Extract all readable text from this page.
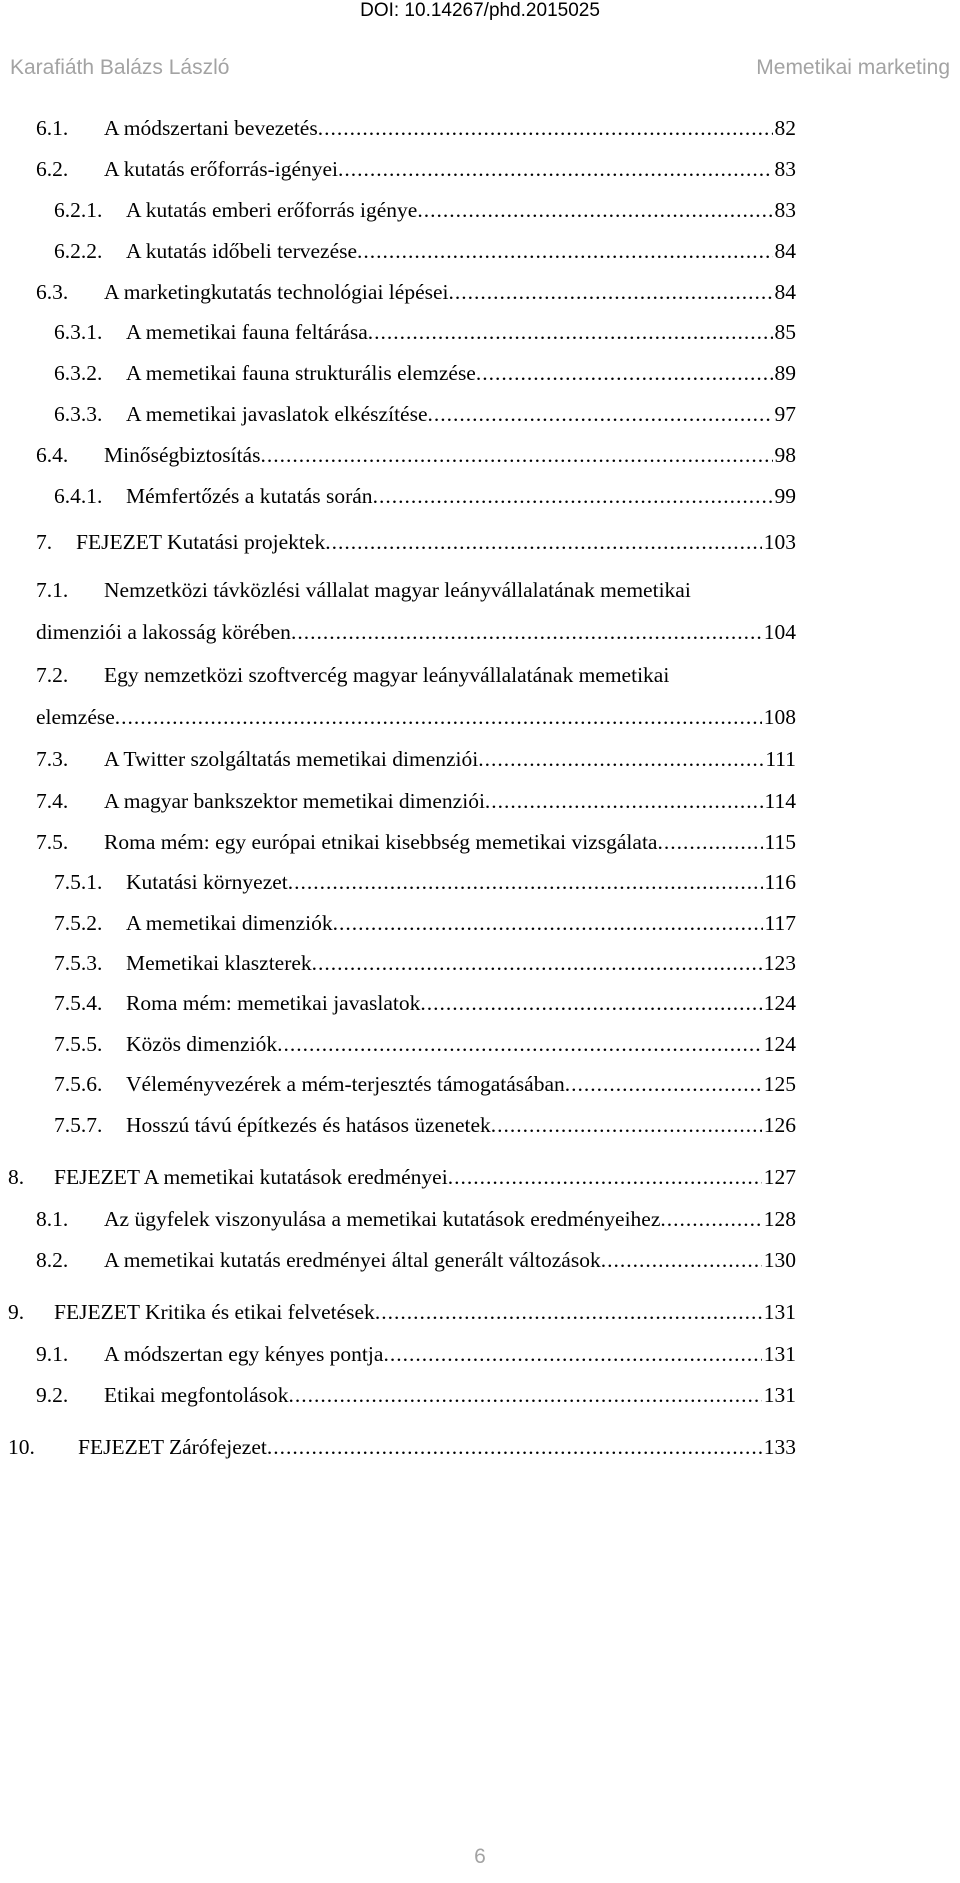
DOI: 10.14267/phd.2015025
Karafiáth Balázs László	Memetikai marketing
6.1. A módszertani bevezetés .....	82
6.2. A kutatás erőforrás-igényei .....	83
6.2.1. A kutatás emberi erőforrás igénye .....	83
6.2.2. A kutatás időbeli tervezése .....	84
6.3. A marketingkutatás technológiai lépései .....	84
6.3.1. A memetikai fauna feltárása .....	85
6.3.2. A memetikai fauna strukturális elemzése .....	89
6.3.3. A memetikai javaslatok elkészítése .....	97
6.4. Minőségbiztosítás .....	98
6.4.1. Mémfertőzés a kutatás során .....	99
7. FEJEZET Kutatási projektek .....	103
7.1. Nemzetközi távközlési vállalat magyar leányvállalatának memetikai
dimenziói a lakosság körében .....	104
7.2. Egy nemzetközi szoftvercég magyar leányvállalatának memetikai
elemzése .....	108
7.3. A Twitter szolgáltatás memetikai dimenziói .....	111
7.4. A magyar bankszektor memetikai dimenziói .....	114
7.5. Roma mém: egy európai etnikai kisebbség memetikai vizsgálata .....	115
7.5.1. Kutatási környezet .....	116
7.5.2. A memetikai dimenziók .....	117
7.5.3. Memetikai klaszterek .....	123
7.5.4. Roma mém: memetikai javaslatok .....	124
7.5.5. Közös dimenziók .....	124
7.5.6. Véleményvezérek a mém-terjesztés támogatásában .....	125
7.5.7. Hosszú távú építkezés és hatásos üzenetek .....	126
8. FEJEZET A memetikai kutatások eredményei .....	127
8.1. Az ügyfelek viszonyulása a memetikai kutatások eredményeihez .....	128
8.2. A memetikai kutatás eredményei által generált változások .....	130
9. FEJEZET Kritika és etikai felvetések .....	131
9.1. A módszertan egy kényes pontja .....	131
9.2. Etikai megfontolások .....	131
10. FEJEZET Zárófejezet .....	133
6
